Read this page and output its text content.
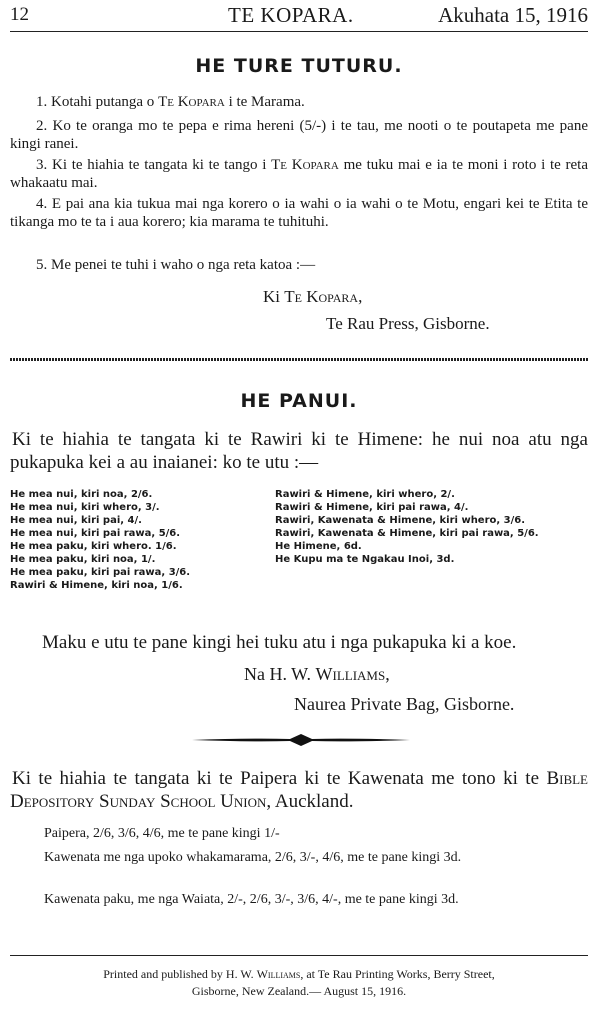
12	TE KOPARA.	Akuhata 15, 1916
HE TURE TUTURU.
1. Kotahi putanga o Te Kopara i te Marama.
2. Ko te oranga mo te pepa e rima hereni (5/-) i te tau, me nooti o te poutapeta me pane kingi ranei.
3. Ki te hiahia te tangata ki te tango i Te Kopara me tuku mai e ia te moni i roto i te reta whakaatu mai.
4. E pai ana kia tukua mai nga korero o ia wahi o ia wahi o te Motu, engari kei te Etita te tikanga mo te ta i aua korero; kia marama te tuhituhi.
5. Me penei te tuhi i waho o nga reta katoa :—
Ki Te Kopara,
Te Rau Press, Gisborne.
HE PANUI.
Ki te hiahia te tangata ki te Rawiri ki te Himene: he nui noa atu nga pukapuka kei a au inaianei: ko te utu :—
He mea nui, kiri noa, 2/6.
He mea nui, kiri whero, 3/.
He mea nui, kiri pai, 4/.
He mea nui, kiri pai rawa, 5/6.
He mea paku, kiri whero. 1/6.
He mea paku, kiri noa, 1/.
He mea paku, kiri pai rawa, 3/6.
Rawiri & Himene, kiri noa, 1/6.
Rawiri & Himene, kiri whero, 2/.
Rawiri & Himene, kiri pai rawa, 4/.
Rawiri, Kawenata & Himene, kiri whero, 3/6.
Rawiri, Kawenata & Himene, kiri pai rawa, 5/6.
He Himene, 6d.
He Kupu ma te Ngakau Inoi, 3d.
Maku e utu te pane kingi hei tuku atu i nga pukapuka ki a koe.
Na H. W. Williams,
Naurea Private Bag, Gisborne.
Ki te hiahia te tangata ki te Paipera ki te Kawenata me tono ki te Bible Depository Sunday School Union, Auckland.
Paipera, 2/6, 3/6, 4/6, me te pane kingi 1/-
Kawenata me nga upoko whakamarama, 2/6, 3/-, 4/6, me te pane kingi 3d.
Kawenata paku, me nga Waiata, 2/-, 2/6, 3/-, 3/6, 4/-, me te pane kingi 3d.
Printed and published by H. W. Williams, at Te Rau Printing Works, Berry Street,
Gisborne, New Zealand.— August 15, 1916.
